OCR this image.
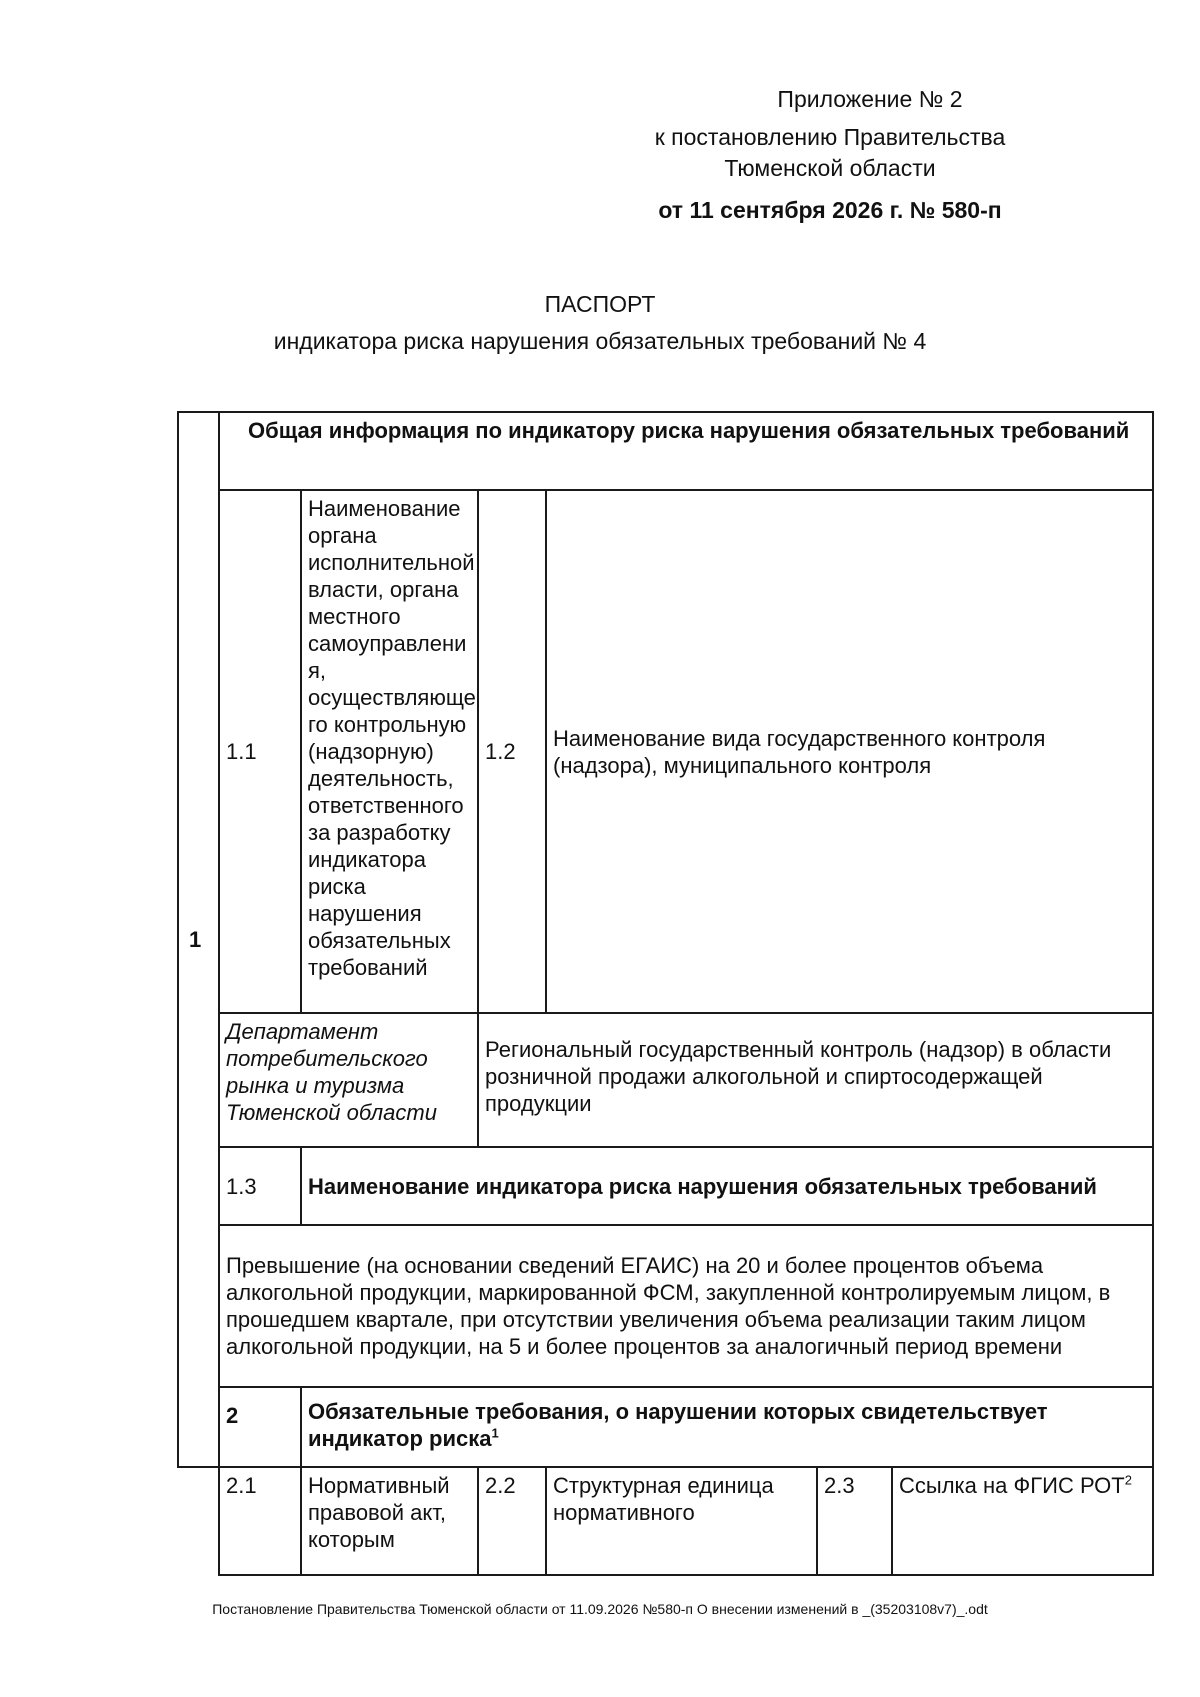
Приложение № 2
к постановлению Правительства
Тюменской области
от 11 сентября 2026 г. № 580-п
ПАСПОРТ
индикатора риска нарушения обязательных требований № 4
1	Общая информация по индикатору риска нарушения обязательных требований					
	1.1	Наименование органа исполнительной власти, органа местного самоуправлени я, осуществляюще го контрольную (надзорную) деятельность, ответственного за разработку индикатора риска нарушения обязательных требований	1.2	Наименование вида государственного контроля (надзора), муниципального контроля		
	Департамент потребительского рынка и туризма Тюменской области		Региональный государственный контроль (надзор) в области розничной продажи алкогольной и спиртосодержащей продукции			
	1.3	Наименование индикатора риска нарушения обязательных требований				
	Превышение (на основании сведений ЕГАИС) на 20 и более процентов объема алкогольной продукции, маркированной ФСМ, закупленной контролируемым лицом, в прошедшем квартале, при отсутствии увеличения объема реализации таким лицом алкогольной продукции, на 5 и более процентов за аналогичный период времени					
	2	Обязательные требования, о нарушении которых свидетельствует индикатор риска$^1$
	2.1	Нормативный правовой акт, которым	2.2	Структурная единица нормативного	2.3	Ссылка на ФГИС РОТ$^2$
Постановление Правительства Тюменской области от 11.09.2026 №580-п О внесении изменений в _(35203108v7)_.odt
